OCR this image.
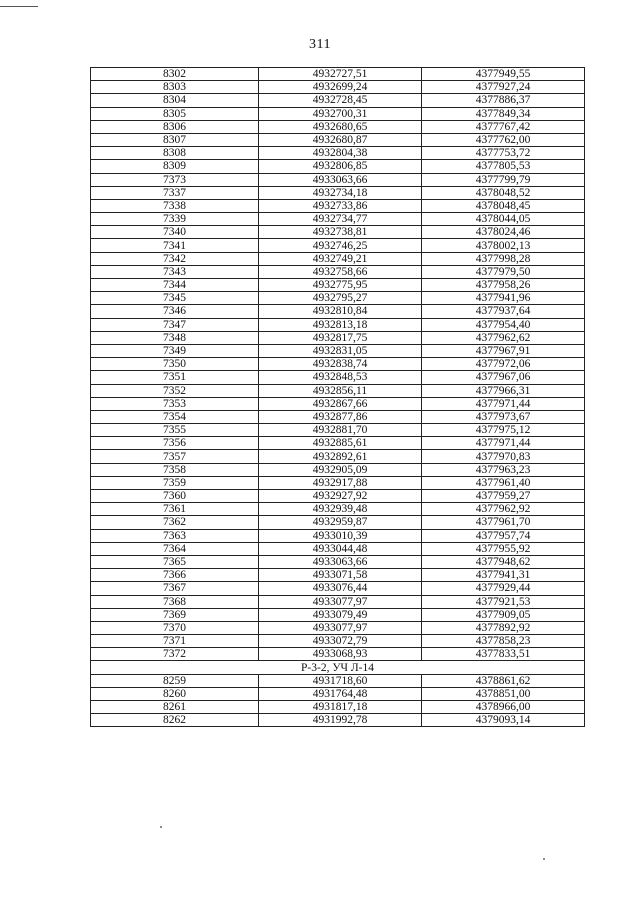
311
8302	4932727,51	4377949,55
8303	4932699,24	4377927,24
8304	4932728,45	4377886,37
8305	4932700,31	4377849,34
8306	4932680,65	4377767,42
8307	4932680,87	4377762,00
8308	4932804,38	4377753,72
8309	4932806,85	4377805,53
7373	4933063,66	4377799,79
7337	4932734,18	4378048,52
7338	4932733,86	4378048,45
7339	4932734,77	4378044,05
7340	4932738,81	4378024,46
7341	4932746,25	4378002,13
7342	4932749,21	4377998,28
7343	4932758,66	4377979,50
7344	4932775,95	4377958,26
7345	4932795,27	4377941,96
7346	4932810,84	4377937,64
7347	4932813,18	4377954,40
7348	4932817,75	4377962,62
7349	4932831,05	4377967,91
7350	4932838,74	4377972,06
7351	4932848,53	4377967,06
7352	4932856,11	4377966,31
7353	4932867,66	4377971,44
7354	4932877,86	4377973,67
7355	4932881,70	4377975,12
7356	4932885,61	4377971,44
7357	4932892,61	4377970,83
7358	4932905,09	4377963,23
7359	4932917,88	4377961,40
7360	4932927,92	4377959,27
7361	4932939,48	4377962,92
7362	4932959,87	4377961,70
7363	4933010,39	4377957,74
7364	4933044,48	4377955,92
7365	4933063,66	4377948,62
7366	4933071,58	4377941,31
7367	4933076,44	4377929,44
7368	4933077,97	4377921,53
7369	4933079,49	4377909,05
7370	4933077,97	4377892,92
7371	4933072,79	4377858,23
7372	4933068,93	4377833,51
Р-3-2, УЧ Л-14		
8259	4931718,60	4378861,62
8260	4931764,48	4378851,00
8261	4931817,18	4378966,00
8262	4931992,78	4379093,14
